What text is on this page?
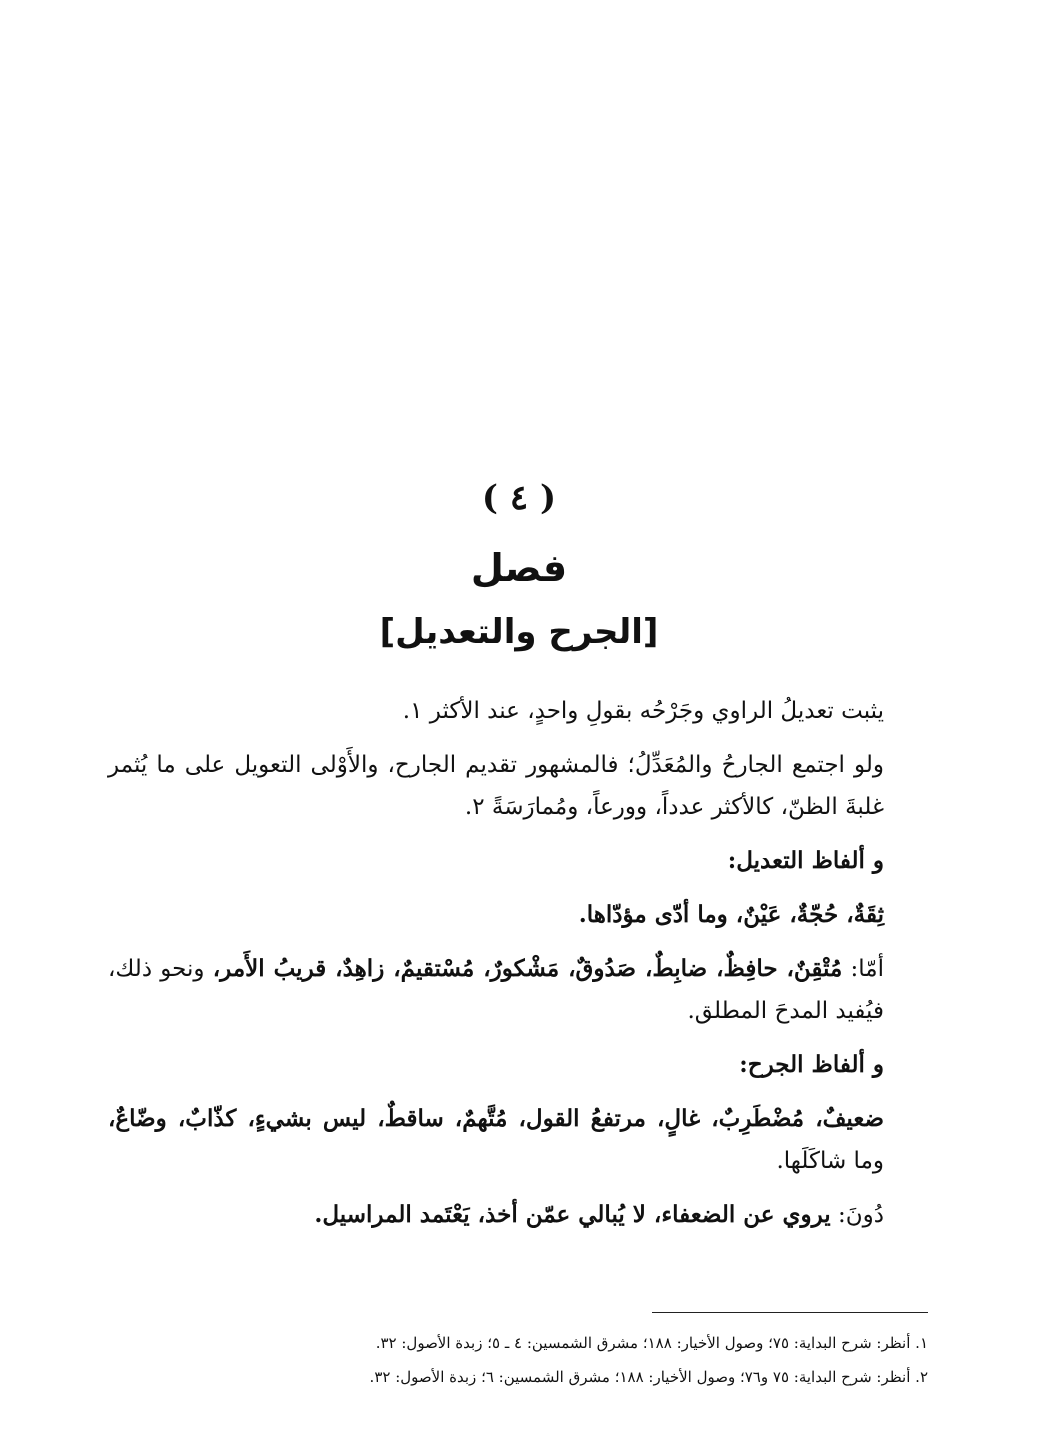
( ٤ )
فصل
[الجرح والتعديل]

يثبت تعديلُ الراوي وجَرْحُه بقولِ واحدٍ، عند الأكثر ١.

ولو اجتمع الجارحُ والمُعَدِّلُ؛ فالمشهور تقديم الجارح، والأَوْلى التعويل على ما يُثمر غلبةَ الظنّ، كالأكثر عدداً، وورعاً، ومُمارَسَةً ٢.

و ألفاظ التعديل:

ثِقَةٌ، حُجّةٌ، عَيْنٌ، وما أدّى مؤدّاها.

أمّا: مُتْقِنٌ، حافِظٌ، ضابِطٌ، صَدُوقٌ، مَشْكورٌ، مُسْتقيمٌ، زاهِدٌ، قريبُ الأَمر، ونحو ذلك، فيُفيد المدحَ المطلق.

و ألفاظ الجرح:

ضعيفٌ، مُضْطَرِبٌ، غالٍ، مرتفعُ القول، مُتَّهمٌ، ساقطٌ، ليس بشيءٍ، كذّابٌ، وضّاعٌ، وما شاكَلَها.

دُونَ: يروي عن الضعفاء، لا يُبالي عمّن أخذ، يَعْتَمد المراسيل.

١. أنظر: شرح البداية: ٧٥؛ وصول الأخيار: ١٨٨؛ مشرق الشمسين: ٤ ـ ٥؛ زبدة الأصول: ٣٢.
٢. أنظر: شرح البداية: ٧٥ و٧٦؛ وصول الأخيار: ١٨٨؛ مشرق الشمسين: ٦؛ زبدة الأصول: ٣٢.
